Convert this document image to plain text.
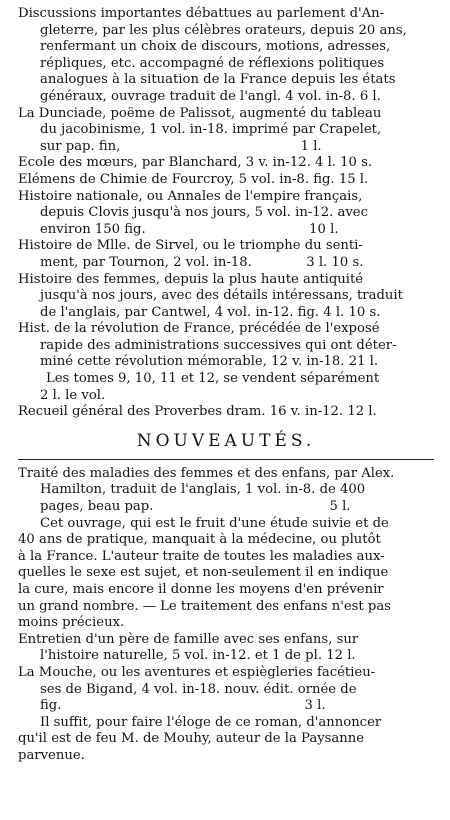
Discussions importantes débattues au parlement d'An-
gleterre, par les plus célèbres orateurs, depuis 20 ans,
renfermant un choix de discours, motions, adresses,
répliques, etc. accompagné de réflexions politiques
analogues à la situation de la France depuis les états
généraux, ouvrage traduit de l'angl. 4 vol. in-8. 6 l.
La Dunciade, poëme de Palissot, augmenté du tableau
du jacobinisme, 1 vol. in-18. imprimé par Crapelet,
sur pap. fin,                                           1 l.
Ecole des mœurs, par Blanchard, 3 v. in-12. 4 l. 10 s.
Elémens de Chimie de Fourcroy, 5 vol. in-8. fig. 15 l.
Histoire nationale, ou Annales de l'empire français,
depuis Clovis jusqu'à nos jours, 5 vol. in-12. avec
environ 150 fig.                                       10 l.
Histoire de Mlle. de Sirvel, ou le triomphe du senti-
ment, par Tournon, 2 vol. in-18.             3 l. 10 s.
Histoire des femmes, depuis la plus haute antiquité
jusqu'à nos jours, avec des détails intéressans, traduit
de l'anglais, par Cantwel, 4 vol. in-12. fig. 4 l. 10 s.
Hist. de la révolution de France, précédée de l'exposé
rapide des administrations successives qui ont déter-
miné cette révolution mémorable, 12 v. in-18. 21 l.
Les tomes 9, 10, 11 et 12, se vendent séparément
2 l. le vol.
Recueil général des Proverbes dram. 16 v. in-12. 12 l.
NOUVEAUTÉS.
Traité des maladies des femmes et des enfans, par Alex.
Hamilton, traduit de l'anglais, 1 vol. in-8. de 400
pages, beau pap.                                          5 l.
Cet ouvrage, qui est le fruit d'une étude suivie et de
40 ans de pratique, manquait à la médecine, ou plutôt
à la France. L'auteur traite de toutes les maladies aux-
quelles le sexe est sujet, et non-seulement il en indique
la cure, mais encore il donne les moyens d'en prévenir
un grand nombre. — Le traitement des enfans n'est pas
moins précieux.
Entretien d'un père de famille avec ses enfans, sur
l'histoire naturelle, 5 vol. in-12. et 1 de pl. 12 l.
La Mouche, ou les aventures et espiègleries facétieu-
ses de Bigand, 4 vol. in-18. nouv. édit. ornée de
fig.                                                          3 l.
Il suffit, pour faire l'éloge de ce roman, d'annoncer
qu'il est de feu M. de Mouhy, auteur de la Paysanne
parvenue.
